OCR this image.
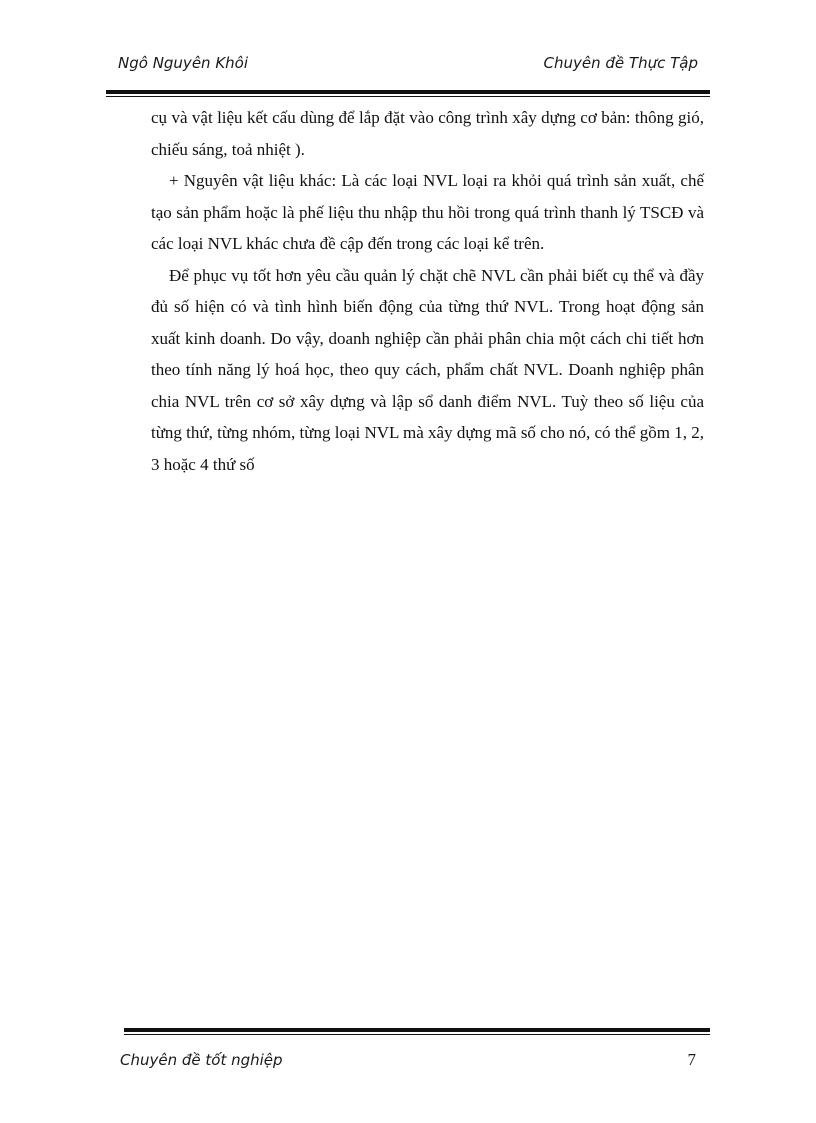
Ngô Nguyên Khôi	Chuyên đề Thực Tập

cụ và vật liệu kết cấu dùng để lắp đặt vào công trình xây dựng cơ bản: thông gió, chiếu sáng, toả nhiệt ).

+ Nguyên vật liệu khác: Là các loại NVL loại ra khỏi quá trình sản xuất, chế tạo sản phẩm hoặc là phế liệu thu nhập thu hồi trong quá trình thanh lý TSCĐ và các loại NVL khác chưa đề cập đến trong các loại kể trên.

Để phục vụ tốt hơn yêu cầu quản lý chặt chẽ NVL cần phải biết cụ thể và đầy đủ số hiện có và tình hình biến động của từng thứ NVL. Trong hoạt động sản xuất kinh doanh. Do vậy, doanh nghiệp cần phải phân chia một cách chi tiết hơn theo tính năng lý hoá học, theo quy cách, phẩm chất NVL. Doanh nghiệp phân chia NVL trên cơ sở xây dựng và lập sổ danh điểm NVL. Tuỳ theo số liệu của từng thứ, từng nhóm, từng loại NVL mà xây dựng mã số cho nó, có thể gồm 1, 2, 3 hoặc 4 thứ số

Chuyên đề tốt nghiệp	7
